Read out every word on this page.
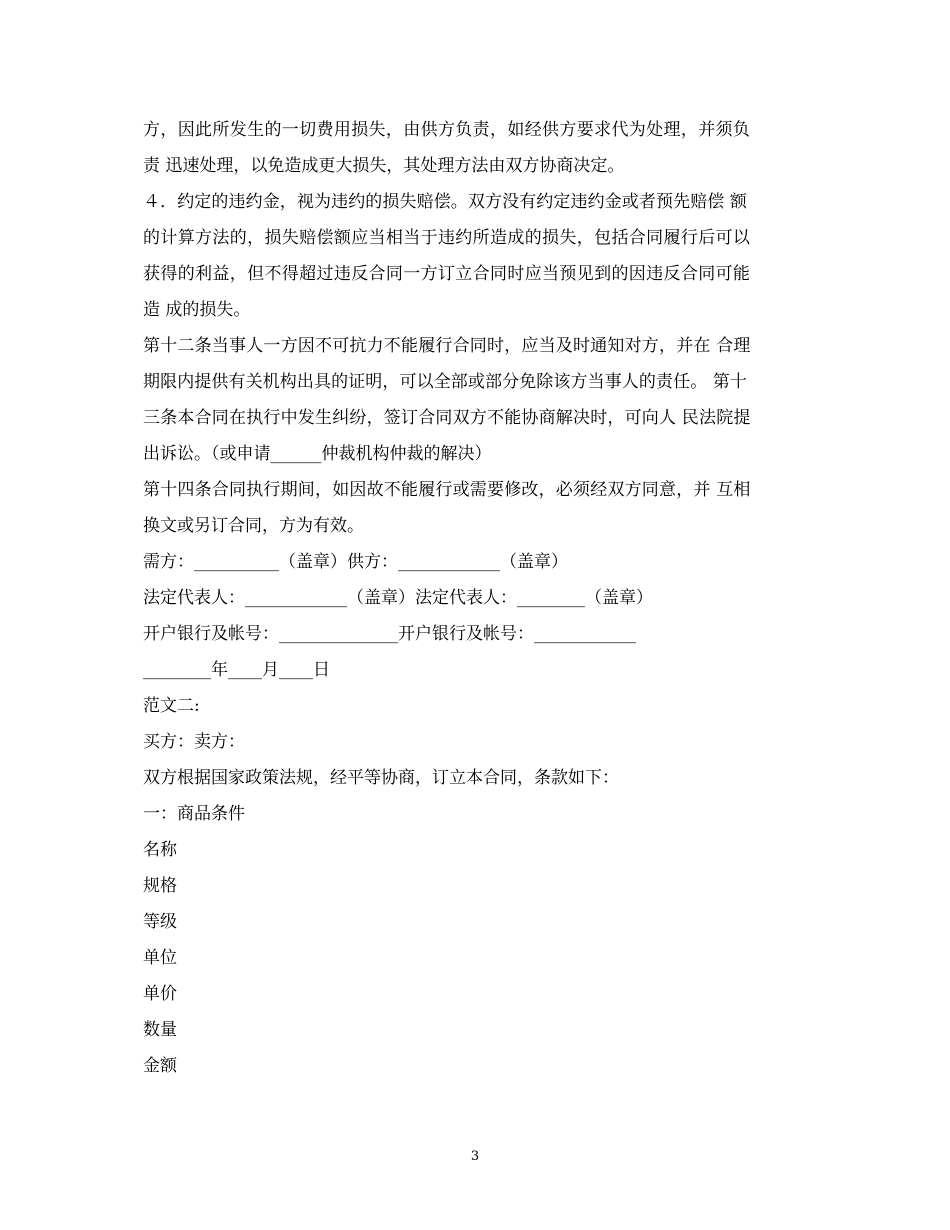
方，因此所发生的一切费用损失，由供方负责，如经供方要求代为处理，并须负
责 迅速处理，以免造成更大损失，其处理方法由双方协商决定。
４．约定的违约金，视为违约的损失赔偿。双方没有约定违约金或者预先赔偿 额
的计算方法的，损失赔偿额应当相当于违约所造成的损失，包括合同履行后可以
获得的利益，但不得超过违反合同一方订立合同时应当预见到的因违反合同可能
造 成的损失。
第十二条当事人一方因不可抗力不能履行合同时，应当及时通知对方，并在 合理
期限内提供有关机构出具的证明，可以全部或部分免除该方当事人的责任。 第十
三条本合同在执行中发生纠纷，签订合同双方不能协商解决时，可向人 民法院提
出诉讼。（或申请______仲裁机构仲裁的解决）
第十四条合同执行期间，如因故不能履行或需要修改，必须经双方同意，并 互相
换文或另订合同，方为有效。
需方：__________（盖章）供方：____________（盖章）
法定代表人：____________（盖章）法定代表人：________（盖章）
开户银行及帐号：______________开户银行及帐号：____________
________年____月____日
范文二:
买方：卖方：
双方根据国家政策法规，经平等协商，订立本合同，条款如下：
一：商品条件
名称
规格
等级
单位
单价
数量
金额
3
